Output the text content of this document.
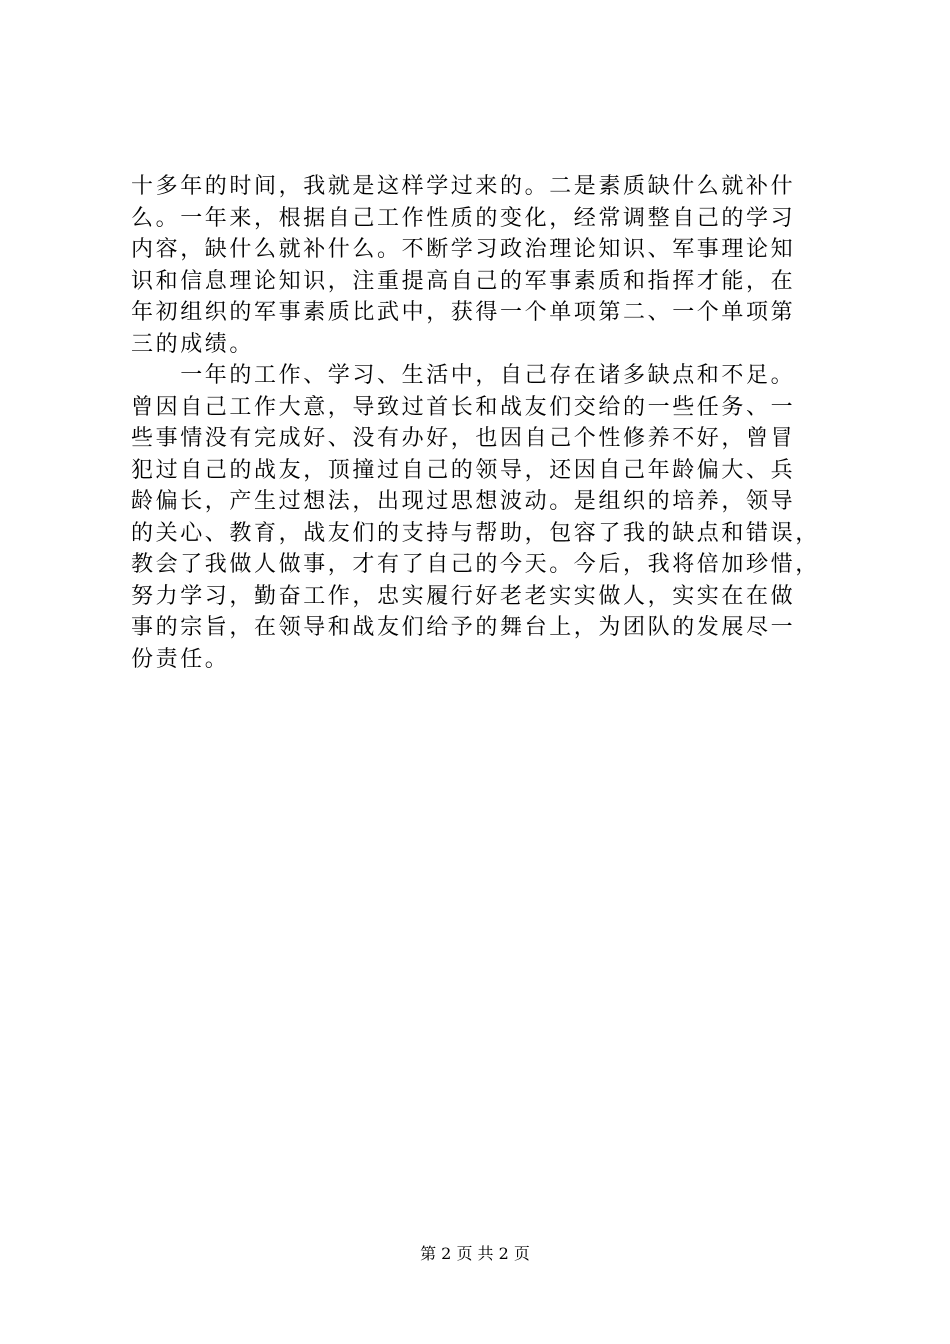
十多年的时间，我就是这样学过来的。二是素质缺什么就补什
么。一年来，根据自己工作性质的变化，经常调整自己的学习
内容，缺什么就补什么。不断学习政治理论知识、军事理论知
识和信息理论知识，注重提高自己的军事素质和指挥才能，在
年初组织的军事素质比武中，获得一个单项第二、一个单项第
三的成绩。
　　一年的工作、学习、生活中，自己存在诸多缺点和不足。
曾因自己工作大意，导致过首长和战友们交给的一些任务、一
些事情没有完成好、没有办好，也因自己个性修养不好，曾冒
犯过自己的战友，顶撞过自己的领导，还因自己年龄偏大、兵
龄偏长，产生过想法，出现过思想波动。是组织的培养，领导
的关心、教育，战友们的支持与帮助，包容了我的缺点和错误，
教会了我做人做事，才有了自己的今天。今后，我将倍加珍惜，
努力学习，勤奋工作，忠实履行好老老实实做人，实实在在做
事的宗旨，在领导和战友们给予的舞台上，为团队的发展尽一
份责任。
第 2 页 共 2 页
